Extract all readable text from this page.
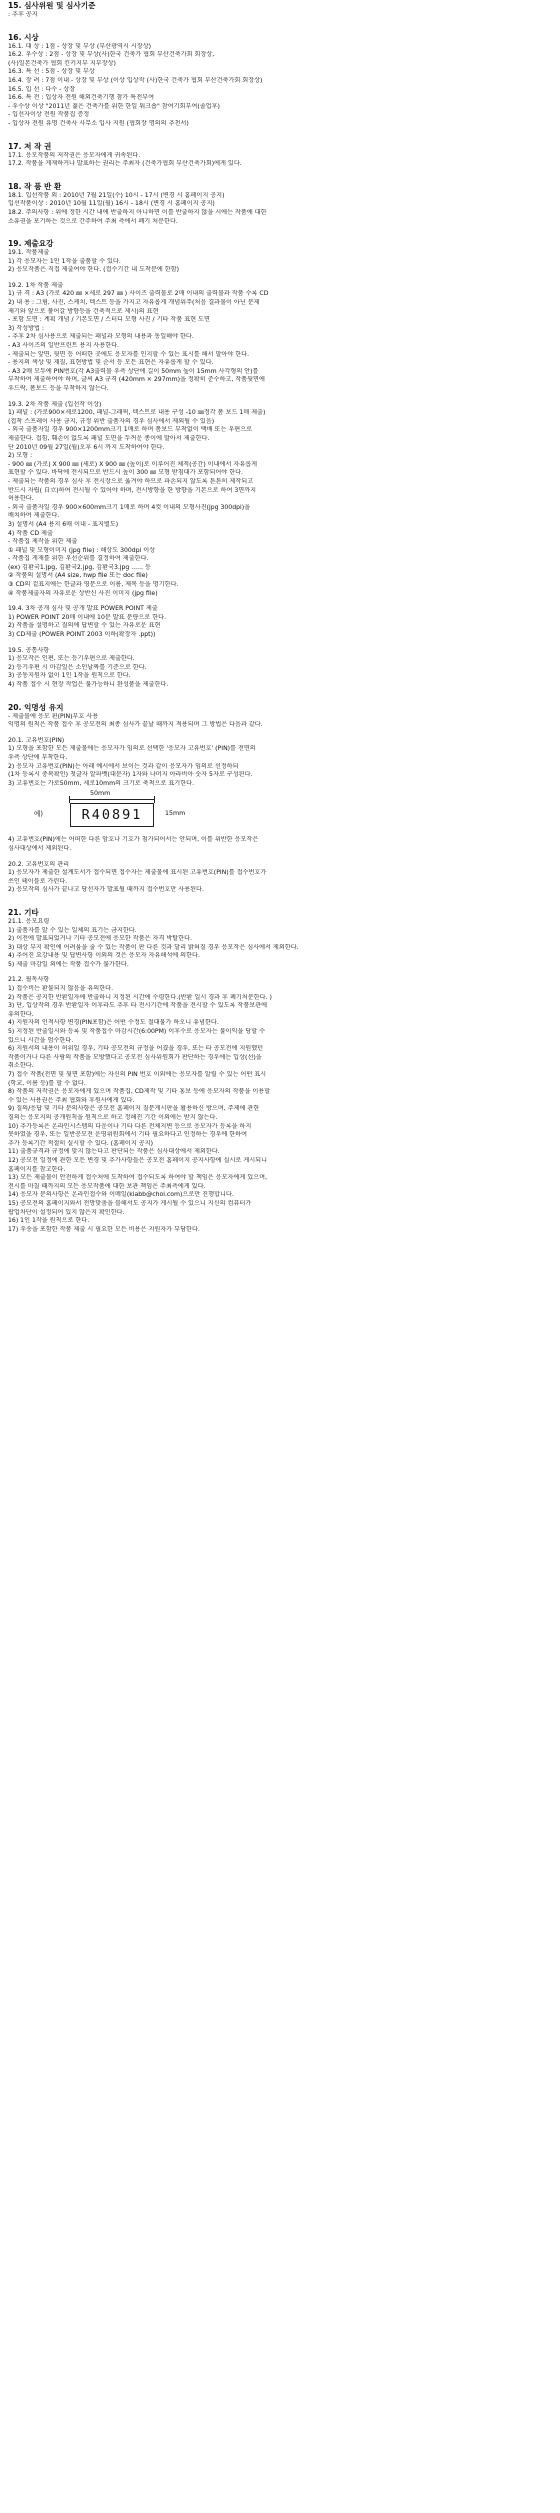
15. 심사위원 및 심사기준
: 추후 공지
16. 시상
16.1. 대 상 : 1점 - 상장 및 부상 (부산광역시 시장상)
16.2. 우수상 : 2점 - 상장 및 부상(사)한국 건축가 협회 부산건축가회 회장상,
(사)일본건축가 협회 킨키지부 지부장상)
16.3. 특 선 : 5점 - 상장 및 부상
16.4. 장 려 : 7점 이내 - 상장 및 부상 (이상 입상작 (사)한국 건축가 협회 부산건축가회 회장상)
16.5. 입 선 : 다수 - 상장
16.6. 특 전 : 입상자 전원 해외건축기행 참가 특전부여
- 우수상 이상 "2011년 젊은 건축가를 위한 한일 워크숍" 참여기회부여(졸업후)
- 입선자이상 전원 작품집 증정
- 입상자 전원 유명 건축사 사무소 입사 지원 (협회장 명의의 추천서)
17. 저 작 권
17.1. 응모작품의 저작권은 응모자에게 귀속된다.
17.2. 작품을 게재하거나 발표하는 권리는 주최자 (건축가협회 부산건축가회)에게 있다.
18. 작 품 반 환
18.1. 입선작품 외 : 2010년 7월 21일(수) 10시 - 17시 (변경 시 홈페이지 공지)
입선작품이상 : 2010년 10월 11일(월) 16시 - 18시 (변경 시 홈페이지 공지)
18.2. 주의사항 : 위에 정한 시간 내에 반출하지 아니하면 이를 반출하지 않을 시에는 작품에 대한
소유권을 포기하는 것으로 간주하여 주최 측에서 폐기 처분한다.
19. 제출요강
19.1. 작품제출
1) 각 응모자는 1인 1작을 출품할 수 있다.
2) 응모작품은 직접 제출여야 한다. (접수기간 내 도착분에 한함)
19.2. 1차 작품 제출
1) 규 격 : A3 (가로 420 ㎜ ×세로 297 ㎜ ) 사이즈 출력물로 2매 이내의 출력물과 작품 수록 CD
2) 내 용 : 그림, 사진, 스케치, 텍스트 등을 가지고 자유롭게 개념위주(처음 결과물이 아닌 문제
제기와 앞으로 풀어갈 방향등을 건축적으로 제시)의 표현
- 포함 도면 : 계획 개념 / 기본도면 / 스터디 모형 사진 / 기타 작품 표현 도면
3) 작성방법 :
- 추후 2차 심사용으로 제출되는 패널과 모형의 내용과 동일해야 한다.
- A3 사이즈의 일반프린트 용지 사용한다.
- 제출되는 앞면, 뒷면 등 어떠한 곳에도 응모자를 인지할 수 있는 표시를 해서 말아야 한다.
- 용지의 색상 및 재질, 표현방법 및 순서 등 모든 표현은 자유롭게 할 수 있다.
- A3 2매 모두에 PIN번호(각 A3출력물 우측 상단에 길이 50mm 높이 15mm 사각형의 안)를
부착하여 제출하여야 하며, 글씨 A3 규격 (420mm × 297mm)을 정확히 준수하고, 작품뒷면에
우드락, 폼보드 등을 부착하지 않는다.
19.3. 2차 작품 제출 (입선작 이상)
1) 패널 : (가로900×세로1200, 패널-그래픽, 텍스트로 내용 구성 -10 ㎜정각 폼 보드 1매 제출)
(접착 스프레이 사용 금지, 규정 위반 출품자의 경우 심사에서 제외될 수 있음)
- 외국 출품자일 경우 900×1200mm크기 1매로 하며 폼보드 부착없이 택배 또는 우편으로
제출한다. 접힘, 훼손이 없도록 패널 도면을 두꺼운 종이에 말아서 제출한다.
단 2010년 09월 27일(월)오후 6시 까지 도착하여야 한다.
2) 모형 :
- 900 ㎜ (가로) X 900 ㎜ (세로) X 900 ㎜ (높이)로 이루어진 체적(공간) 이내에서 자유롭게
표현할 수 있다. 바닥에 전시되므로 반드시 높이 300 ㎜ 모형 받침대가 포함되어야 한다.
- 제출되는 작품의 경우 심사 후 전시장으로 옮겨야 하므로 파손되지 않도록 튼튼히 제작되고
반드시 자립( 自立)하여 전시될 수 있어야 하며, 전시방향을 한 방향을 기본으로 하여 3면까지
허용한다.
- 외국 출품자일 경우 900×600mm크기 1매로 하며 4컷 이내의 모형사진(jpg 300dpi)을
배치하여 제출한다.
3) 설명서 (A4 용지 6매 이내 - 표지별도)
4) 작품 CD 제출
- 작품집 제작을 위한 제출
① 패널 및 모형이미지 (jpg file) : 해상도 300dpi 이상
- 작품집 게재를 위한 우선순위를 결정하여 제출한다.
(ex) 김환국1.jpg, 김환국2.jpg, 김환국3.jpg ...... 등
② 작품의 설명서 (A4 size, hwp file 또는 doc file)
③ CD의 겉표지에는 한글과 영문으로 이름, 제목 등을 명기한다.
④ 작품제출자의 자유로운 상반신 사진 이미지 (jpg file)
19.4. 3차 공개 심사 및 공개 발표 POWER POINT 제출
1) POWER POINT 20매 이내에 10분 발표 분량으로 한다.
2) 작품을 설명하고 질의에 답변할 수 있는 자유로운 표현
3) CD제출 (POWER POINT 2003 이하(확장자 .ppt))
19.5. 공통사항
1) 응모작은 인편, 또는 등기우편으로 제출한다.
2) 등기우편 시 마감일은 소인날짜를 기준으로 한다.
3) 공동지원자 없이 1인 1작을 원칙으로 한다.
4) 작품 접수 시 현장 작업은 불가능하니 완성품을 제출한다.
20. 익명성 유지
- 제출물에 응모 핀(PIN)부호 사용
익명의 원칙은 작품 접수 후 공모전의 최종 심사가 끝날 때까지 적용되며 그 방법은 다음과 같다.
20.1. 고유번호(PIN)
1) 모형을 포함한 모든 제출물에는 응모자가 임의로 선택한 '응모자 고유번호' (PIN)를 전면의
우측 상단에 부착한다.
2) 응모자 고유번호(PIN)는 아래 예시에서 보이는 것과 같이 응모자가 임의로 선정하되
(1차 등록시 중복확인) 첫글자 알파벳(대문자) 1자와 나머지 아라비아 숫자 5자로 구성된다.
3) 고유번호는 가로50mm, 세로10mm의 크기로 축척으로 표기한다.
예)
50mm
R40891	15mm
4) 고유번호(PIN)에는 어떠한 다른 암호나 기호가 첨가되어서는 안되며, 이를 위반한 응모작은
심사대상에서 제외된다.
20.2. 고유번호의 관리
1) 응모자가 제출한 설계도서가 접수되면 접수자는 제출물에 표시된 고유번호(PIN)를 접수번호가
쓰인 테이블로 가린다.
2) 응모작의 심사가 끝나고 당선자가 발표될 때까지 접수번호만 사용된다.
21. 기타
21.1. 응모요령
1) 출품자를 알 수 있는 일체의 표기는 금지한다.
2) 이전에 발표되었거나 기타 공모전에 응모한 작품은 자격 박탈한다.
3) 대상 부지 확인에 어려움을 줄 수 있는 작품이 판 다른 것과 달리 밝혀질 경우 응모작은 심사에서 제외한다.
4) 추어진 요강내용 및 답변사항 이외의 것은 응모자 자유해석에 의한다.
5) 제출 마감일 외에는 작품 접수가 불가한다.
21.2. 필독사항
1) 접수비는 환불되지 않음을 유의한다.
2) 작품은 공지한 반환일자에 반출하니 지정된 시간에 수령한다.(반환 일시 경과 후 폐기처분한다. )
3) 단, 입상작의 경우 반환일자 이후라도 추후 타 전시기간에 작품을 전시할 수 있도록 작품보관에
유의한다.
4) 지원자의 인적사항 변경(PIN포함)은 어떤 수정도 절대불가 하오니 유념한다.
5) 지정된 반출일시와 등록 및 작품접수 마감시간(6:00PM) 이후수로 응모자는 불이익을 당할 수
있으니 시간을 엄수한다.
6) 지원서의 내용이 허위일 경우, 기타 공모전의 규정을 어겼을 경우, 또는 타 공모전에 지원했던
작품이거나 다른 사람의 작품을 모방했다고 공모전 심사위원회가 판단하는 경우에는 입상(선)을
취소한다.
7) 접수 작품(전면 및 뒷면 포함)에는 자신의 PIN 번호 이외에는 응모자를 알릴 수 있는 어떤 표시
(학교, 이름 등)를 할 수 없다.
8) 작품의 저작권은 응모자에게 있으며 작품집, CD제작 및 기타 홍보 등에 응모자의 작품을 이용할
수 있는 사용권은 주최 협회와 후원사에게 있다.
9) 질의/응답 및 기타 문의사항은 공모전 홈페이지 질문게시판을 활용하신 방으며, 주제에 관한
질의는 응모지의 공개원칙을 원칙으로 하고 정해진 기간 이외에는 받지 않는다.
10) 추가등록은 온라인시스템의 다운이나 기타 다른 전체지변 등으로 응모자가 등록을 하지
못하였을 경우, 또는 일반공모전 운영위원회에서 기타 필요하다고 인정하는 경우에 한하여
추가 등록기간 적절히 실시할 수 있다. (홈페이지 공지)
11) 출품규격과 규정에 맞지 않는다고 판단되는 작품은 심사대상에서 제외한다.
12) 공모전 일정에 관한 모든 변경 및 추가사항들은 공모전 홈페이지 공지사항에 실시로 게시되니
홈페이지를 참고한다.
13) 모든 제출물이 안전하게 접수처에 도착하여 접수되도록 하여야 할 책임은 응모자에게 있으며,
전시를 마칠 때까지의 모든 응모작품에 대한 보관 책임은 주최측에게 있다.
14) 응모자 문의사항은 온라인접수와 이메일(kiabb@chol.com)으로만 진행합니다.
15) 공모전의 홈페이지와서 전망맞춤을 블해서도 공지가 게시될 수 있으니 지신의 컴퓨터가
팝업차단이 설정되어 있지 않은지 확인한다.
16) 1인 1작을 원칙으로 한다.
17) 우송을 포함한 작품 제출 시 필요한 모든 비용은 지원자가 부담한다.
